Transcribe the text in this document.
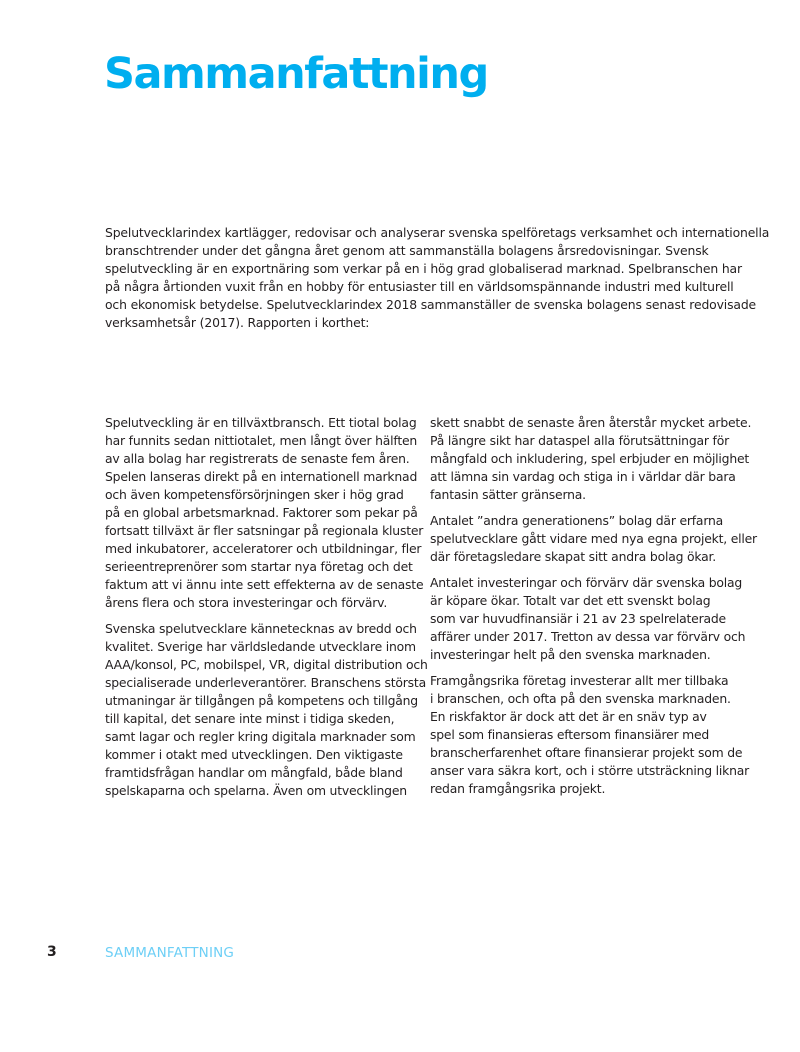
Sammanfattning
Spelutvecklarindex kartlägger, redovisar och analyserar svenska spelföretags verksamhet och internationella
branschtrender under det gångna året genom att sammanställa bolagens årsredovisningar. Svensk
spelutveckling är en exportnäring som verkar på en i hög grad globaliserad marknad. Spelbranschen har
på några årtionden vuxit från en hobby för entusiaster till en världsomspännande industri med kulturell
och ekonomisk betydelse. Spelutvecklarindex 2018 sammanställer de svenska bolagens senast redovisade
verksamhetsår (2017). Rapporten i korthet:

Spelutveckling är en tillväxtbransch. Ett tiotal bolag
har funnits sedan nittiotalet, men långt över hälften
av alla bolag har registrerats de senaste fem åren.
Spelen lanseras direkt på en internationell marknad
och även kompetensförsörjningen sker i hög grad
på en global arbetsmarknad. Faktorer som pekar på
fortsatt tillväxt är fler satsningar på regionala kluster
med inkubatorer, acceleratorer och utbildningar, fler
serieentreprenörer som startar nya företag och det
faktum att vi ännu inte sett effekterna av de senaste
årens flera och stora investeringar och förvärv.

Svenska spelutvecklare kännetecknas av bredd och
kvalitet. Sverige har världsledande utvecklare inom
AAA/konsol, PC, mobilspel, VR, digital distribution och
specialiserade underleverantörer. Branschens största
utmaningar är tillgången på kompetens och tillgång
till kapital, det senare inte minst i tidiga skeden,
samt lagar och regler kring digitala marknader som
kommer i otakt med utvecklingen. Den viktigaste
framtidsfrågan handlar om mångfald, både bland
spelskaparna och spelarna. Även om utvecklingen

skett snabbt de senaste åren återstår mycket arbete.
På längre sikt har dataspel alla förutsättningar för
mångfald och inkludering, spel erbjuder en möjlighet
att lämna sin vardag och stiga in i världar där bara
fantasin sätter gränserna.

Antalet ”andra generationens” bolag där erfarna
spelutvecklare gått vidare med nya egna projekt, eller
där företagsledare skapat sitt andra bolag ökar.

Antalet investeringar och förvärv där svenska bolag
är köpare ökar. Totalt var det ett svenskt bolag
som var huvudfinansiär i 21 av 23 spelrelaterade
affärer under 2017. Tretton av dessa var förvärv och
investeringar helt på den svenska marknaden.

Framgångsrika företag investerar allt mer tillbaka
i branschen, och ofta på den svenska marknaden.
En riskfaktor är dock att det är en snäv typ av
spel som finansieras eftersom finansiärer med
branscherfarenhet oftare finansierar projekt som de
anser vara säkra kort, och i större utsträckning liknar
redan framgångsrika projekt.

3	SAMMANFATTNING
